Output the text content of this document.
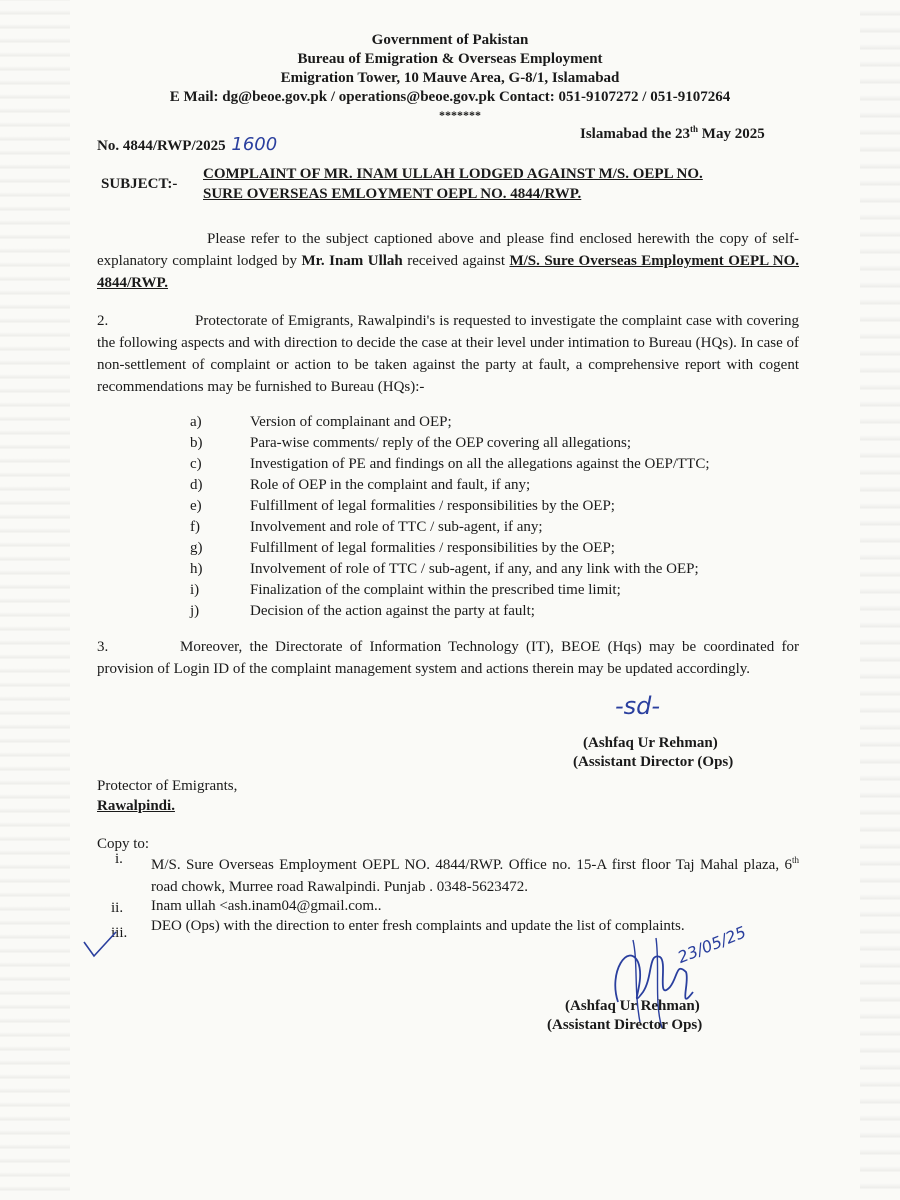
Government of Pakistan
Bureau of Emigration & Overseas Employment
Emigration Tower, 10 Mauve Area, G-8/1, Islamabad
E Mail: dg@beoe.gov.pk / operations@beoe.gov.pk Contact: 051-9107272 / 051-9107264
*******
No. 4844/RWP/2025 1600	Islamabad the 23th May 2025
SUBJECT:-
COMPLAINT OF MR. INAM ULLAH LODGED AGAINST M/S. OEPL NO.
SURE OVERSEAS EMLOYMENT OEPL NO. 4844/RWP.
Please refer to the subject captioned above and please find enclosed herewith the copy of self-explanatory complaint lodged by Mr. Inam Ullah received against M/S. Sure Overseas Employment OEPL NO. 4844/RWP.
2.	Protectorate of Emigrants, Rawalpindi's is requested to investigate the complaint case with covering the following aspects and with direction to decide the case at their level under intimation to Bureau (HQs). In case of non-settlement of complaint or action to be taken against the party at fault, a comprehensive report with cogent recommendations may be furnished to Bureau (HQs):-
a)	Version of complainant and OEP;
b)	Para-wise comments/ reply of the OEP covering all allegations;
c)	Investigation of PE and findings on all the allegations against the OEP/TTC;
d)	Role of OEP in the complaint and fault, if any;
e)	Fulfillment of legal formalities / responsibilities by the OEP;
f)	Involvement and role of TTC / sub-agent, if any;
g)	Fulfillment of legal formalities / responsibilities by the OEP;
h)	Involvement of role of TTC / sub-agent, if any, and any link with the OEP;
i)	Finalization of the complaint within the prescribed time limit;
j)	Decision of the action against the party at fault;
3.	Moreover, the Directorate of Information Technology (IT), BEOE (Hqs) may be coordinated for provision of Login ID of the complaint management system and actions therein may be updated accordingly.
-sd-
(Ashfaq Ur Rehman)
(Assistant Director (Ops)
Protector of Emigrants,
Rawalpindi.
Copy to:
i. M/S. Sure Overseas Employment OEPL NO. 4844/RWP. Office no. 15-A first floor Taj Mahal plaza, 6th road chowk, Murree road Rawalpindi. Punjab . 0348-5623472.
ii. Inam ullah <ash.inam04@gmail.com..
iii. DEO (Ops) with the direction to enter fresh complaints and update the list of complaints.
23/05/25
(Ashfaq Ur Rehman)
(Assistant Director Ops)
